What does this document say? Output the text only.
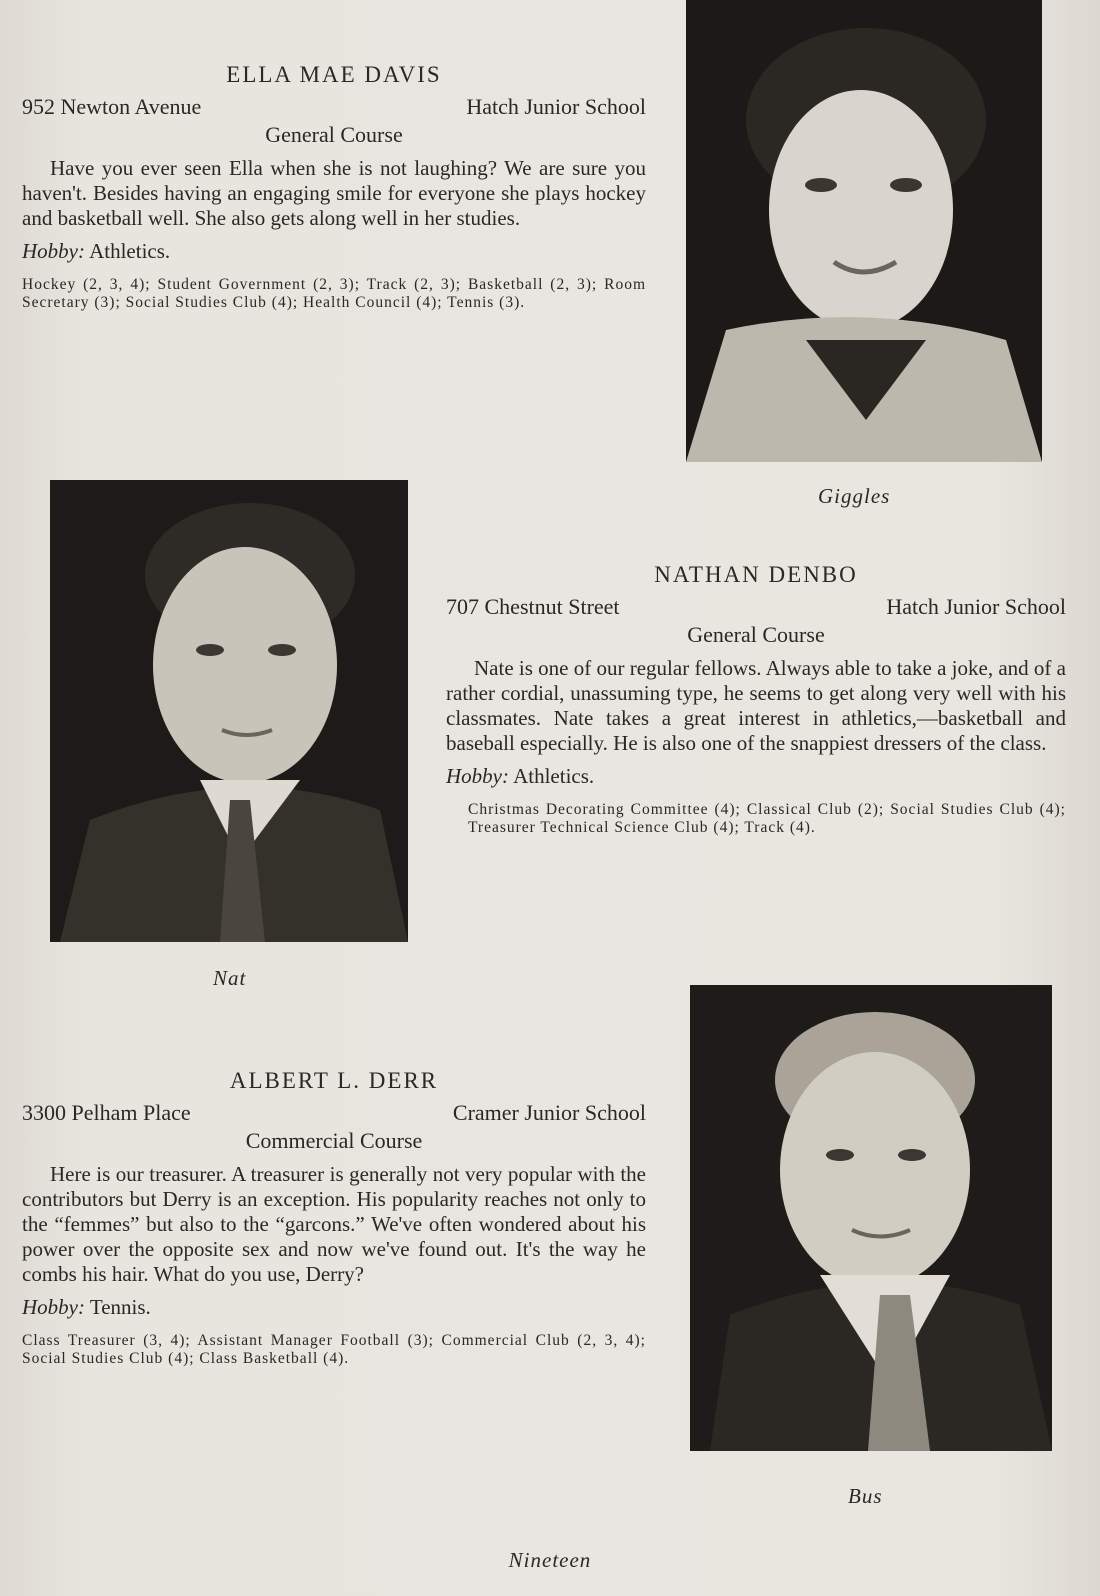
ELLA MAE DAVIS

952 Newton Avenue	Hatch Junior School

General Course

Have you ever seen Ella when she is not laughing? We are sure you haven't. Besides having an engaging smile for everyone she plays hockey and basketball well. She also gets along well in her studies.

Hobby: Athletics.

Hockey (2, 3, 4); Student Government (2, 3); Track (2, 3); Basketball (2, 3); Room Secretary (3); Social Studies Club (4); Health Council (4); Tennis (3).

Giggles
Nat

NATHAN DENBO

707 Chestnut Street	Hatch Junior School

General Course

Nate is one of our regular fellows. Always able to take a joke, and of a rather cordial, unassuming type, he seems to get along very well with his classmates. Nate takes a great interest in athletics,—basketball and baseball especially. He is also one of the snappiest dressers of the class.

Hobby: Athletics.

Christmas Decorating Committee (4); Classical Club (2); Social Studies Club (4); Treasurer Technical Science Club (4); Track (4).

ALBERT L. DERR

3300 Pelham Place	Cramer Junior School

Commercial Course

Here is our treasurer. A treasurer is generally not very popular with the contributors but Derry is an exception. His popularity reaches not only to the “femmes” but also to the “garcons.” We've often wondered about his power over the opposite sex and now we've found out. It's the way he combs his hair. What do you use, Derry?

Hobby: Tennis.

Class Treasurer (3, 4); Assistant Manager Football (3); Commercial Club (2, 3, 4); Social Studies Club (4); Class Basketball (4).

Bus
Nineteen
